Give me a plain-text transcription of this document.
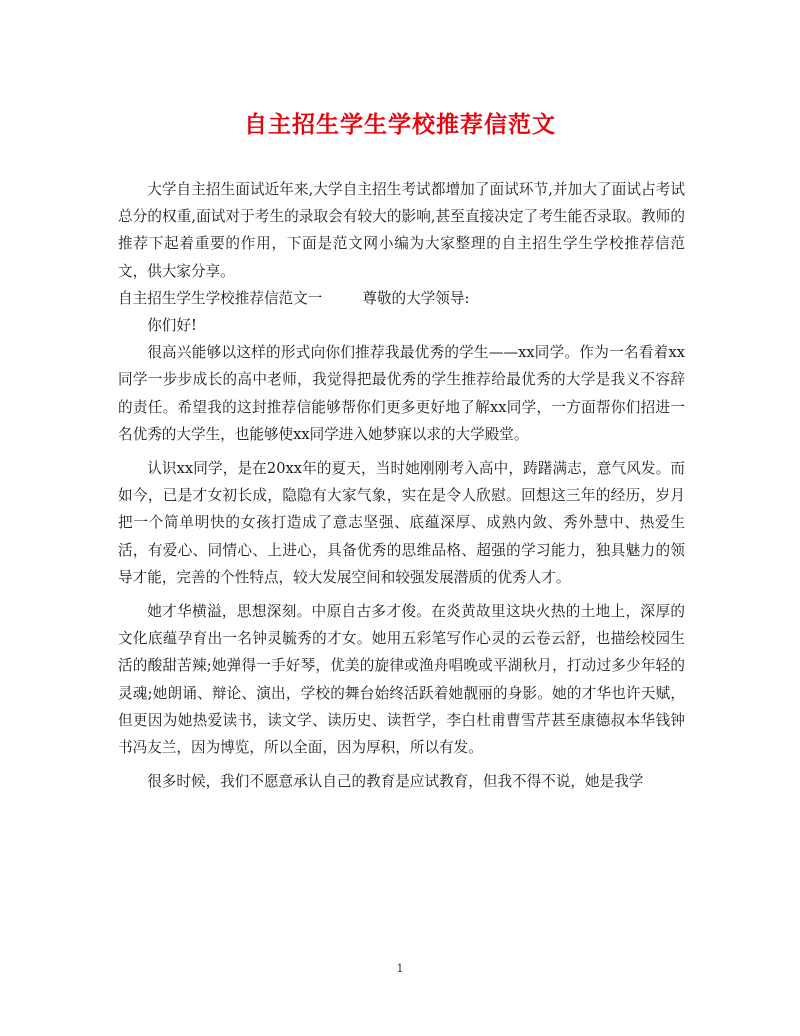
自主招生学生学校推荐信范文

大学自主招生面试近年来,大学自主招生考试都增加了面试环节,并加大了面试占考试总分的权重,面试对于考生的录取会有较大的影响,甚至直接决定了考生能否录取。教师的推荐下起着重要的作用，下面是范文网小编为大家整理的自主招生学生学校推荐信范文，供大家分享。

自主招生学生学校推荐信范文一	尊敬的大学领导:

你们好!

很高兴能够以这样的形式向你们推荐我最优秀的学生——xx同学。作为一名看着xx同学一步步成长的高中老师，我觉得把最优秀的学生推荐给最优秀的大学是我义不容辞的责任。希望我的这封推荐信能够帮你们更多更好地了解xx同学，一方面帮你们招进一名优秀的大学生，也能够使xx同学进入她梦寐以求的大学殿堂。

认识xx同学，是在20xx年的夏天，当时她刚刚考入高中，踌躇满志，意气风发。而如今，已是才女初长成，隐隐有大家气象，实在是令人欣慰。回想这三年的经历，岁月把一个简单明快的女孩打造成了意志坚强、底蕴深厚、成熟内敛、秀外慧中、热爱生活，有爱心、同情心、上进心，具备优秀的思维品格、超强的学习能力，独具魅力的领导才能，完善的个性特点，较大发展空间和较强发展潜质的优秀人才。

她才华横溢，思想深刻。中原自古多才俊。在炎黄故里这块火热的土地上，深厚的文化底蕴孕育出一名钟灵毓秀的才女。她用五彩笔写作心灵的云卷云舒，也描绘校园生活的酸甜苦辣;她弹得一手好琴，优美的旋律或渔舟唱晚或平湖秋月，打动过多少年轻的灵魂;她朗诵、辩论、演出，学校的舞台始终活跃着她靓丽的身影。她的才华也许天赋，但更因为她热爱读书，读文学、读历史、读哲学，李白杜甫曹雪芹甚至康德叔本华钱钟书冯友兰，因为博览，所以全面，因为厚积，所以有发。

很多时候，我们不愿意承认自己的教育是应试教育，但我不得不说，她是我学

1
